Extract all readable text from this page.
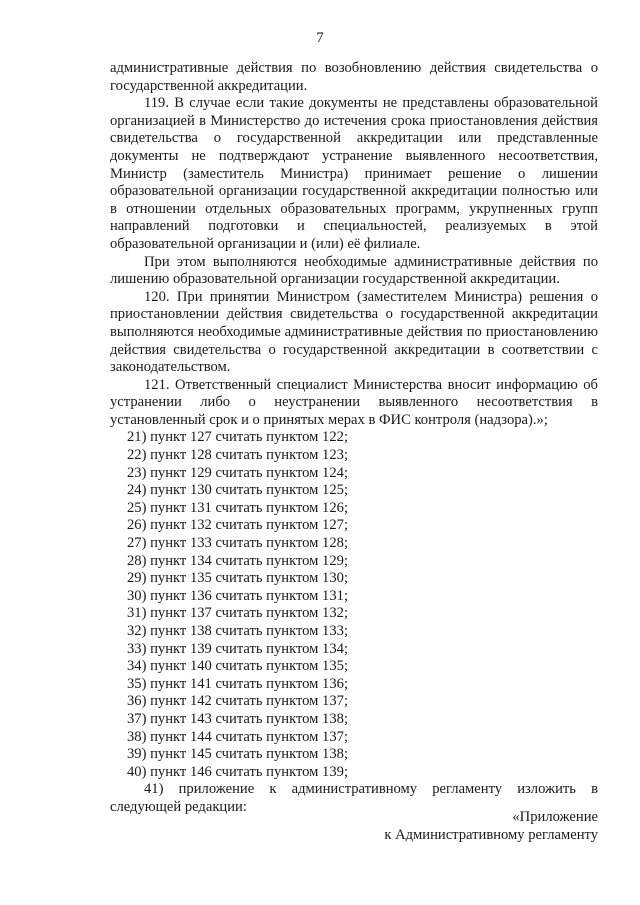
7

административные действия по возобновлению действия свидетельства о государственной аккредитации.

119. В случае если такие документы не представлены образовательной организацией в Министерство до истечения срока приостановления действия свидетельства о государственной аккредитации или представленные документы не подтверждают устранение выявленного несоответствия, Министр (заместитель Министра) принимает решение о лишении образовательной организации государственной аккредитации полностью или в отношении отдельных образовательных программ, укрупненных групп направлений подготовки и специальностей, реализуемых в этой образовательной организации и (или) её филиале.

При этом выполняются необходимые административные действия по лишению образовательной организации государственной аккредитации.

120. При принятии Министром (заместителем Министра) решения о приостановлении действия свидетельства о государственной аккредитации выполняются необходимые административные действия по приостановлению действия свидетельства о государственной аккредитации в соответствии с законодательством.

121. Ответственный специалист Министерства вносит информацию об устранении либо о неустранении выявленного несоответствия в установленный срок и о принятых мерах в ФИС контроля (надзора).»;

21) пункт 127 считать пунктом 122;

22) пункт 128 считать пунктом 123;

23) пункт 129 считать пунктом 124;

24) пункт 130 считать пунктом 125;

25) пункт 131 считать пунктом 126;

26) пункт 132 считать пунктом 127;

27) пункт 133 считать пунктом 128;

28) пункт 134 считать пунктом 129;

29) пункт 135 считать пунктом 130;

30) пункт 136 считать пунктом 131;

31) пункт 137 считать пунктом 132;

32) пункт 138 считать пунктом 133;

33) пункт 139 считать пунктом 134;

34) пункт 140 считать пунктом 135;

35) пункт 141 считать пунктом 136;

36) пункт 142 считать пунктом 137;

37) пункт 143 считать пунктом 138;

38) пункт 144 считать пунктом 137;

39) пункт 145 считать пунктом 138;

40) пункт 146 считать пунктом 139;

41) приложение к административному регламенту изложить в следующей редакции:

«Приложение
к Административному регламенту
